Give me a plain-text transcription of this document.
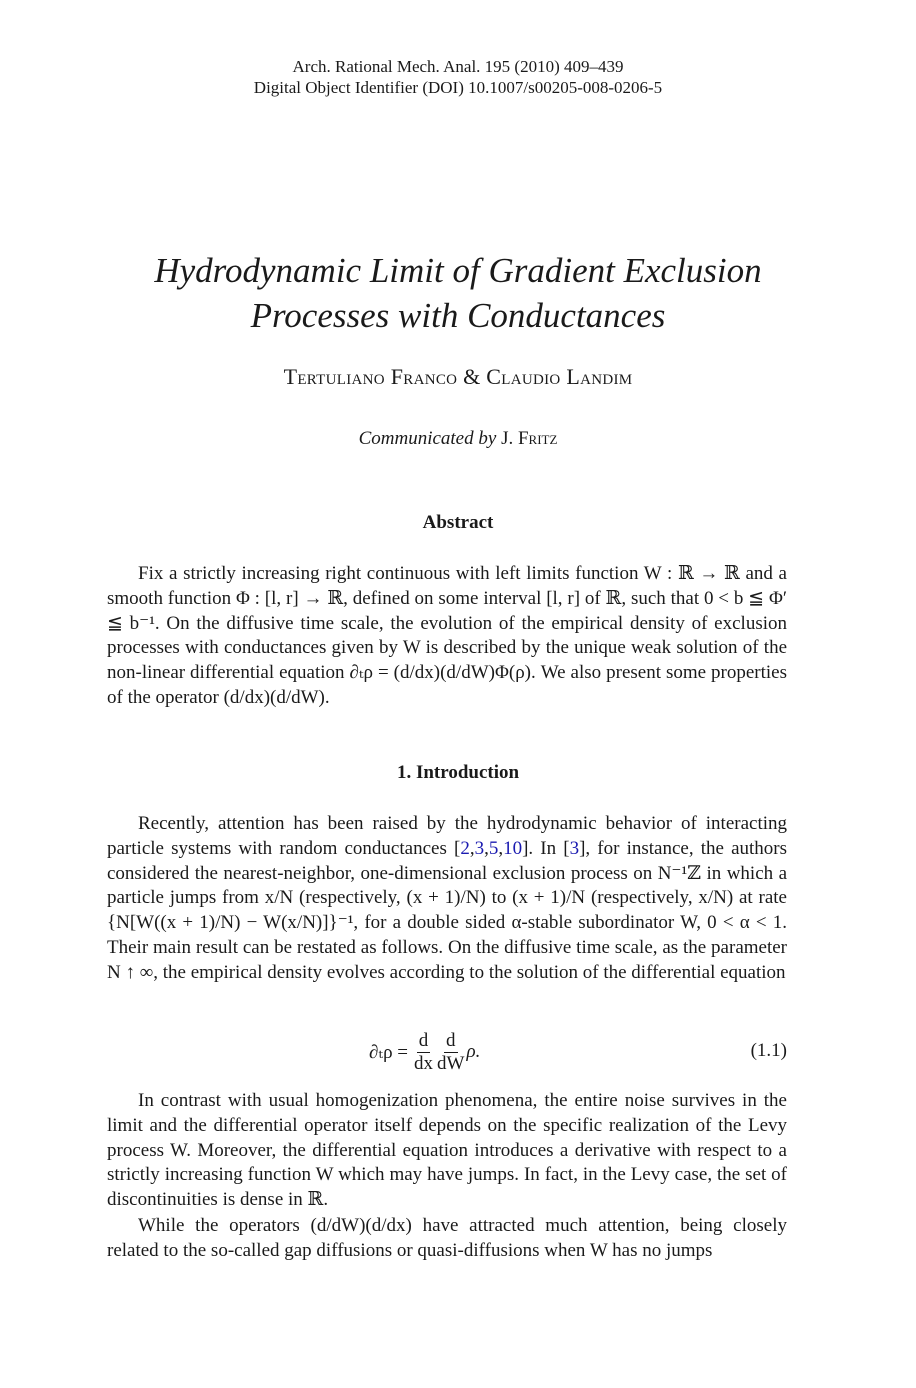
Arch. Rational Mech. Anal. 195 (2010) 409–439
Digital Object Identifier (DOI) 10.1007/s00205-008-0206-5
Hydrodynamic Limit of Gradient Exclusion
Processes with Conductances
Tertuliano Franco & Claudio Landim
Communicated by J. Fritz
Abstract

Fix a strictly increasing right continuous with left limits function W : ℝ → ℝ and a smooth function Φ : [l, r] → ℝ, defined on some interval [l, r] of ℝ, such that 0 < b ≦ Φ′ ≦ b⁻¹. On the diffusive time scale, the evolution of the empirical density of exclusion processes with conductances given by W is described by the unique weak solution of the non-linear differential equation ∂ₜρ = (d/dx)(d/dW)Φ(ρ). We also present some properties of the operator (d/dx)(d/dW).

1. Introduction

Recently, attention has been raised by the hydrodynamic behavior of interacting particle systems with random conductances [2,3,5,10]. In [3], for instance, the authors considered the nearest-neighbor, one-dimensional exclusion process on N⁻¹ℤ in which a particle jumps from x/N (respectively, (x + 1)/N) to (x + 1)/N (respectively, x/N) at rate {N[W((x + 1)/N) − W(x/N)]}⁻¹, for a double sided α-stable subordinator W, 0 < α < 1. Their main result can be restated as follows. On the diffusive time scale, as the parameter N ↑ ∞, the empirical density evolves according to the solution of the differential equation

$\partial_t\rho = \frac{d}{dx} \frac{d}{dW} \rho$.	(1.1)

In contrast with usual homogenization phenomena, the entire noise survives in the limit and the differential operator itself depends on the specific realization of the Levy process W. Moreover, the differential equation introduces a derivative with respect to a strictly increasing function W which may have jumps. In fact, in the Levy case, the set of discontinuities is dense in ℝ.

While the operators (d/dW)(d/dx) have attracted much attention, being closely related to the so-called gap diffusions or quasi-diffusions when W has no jumps
